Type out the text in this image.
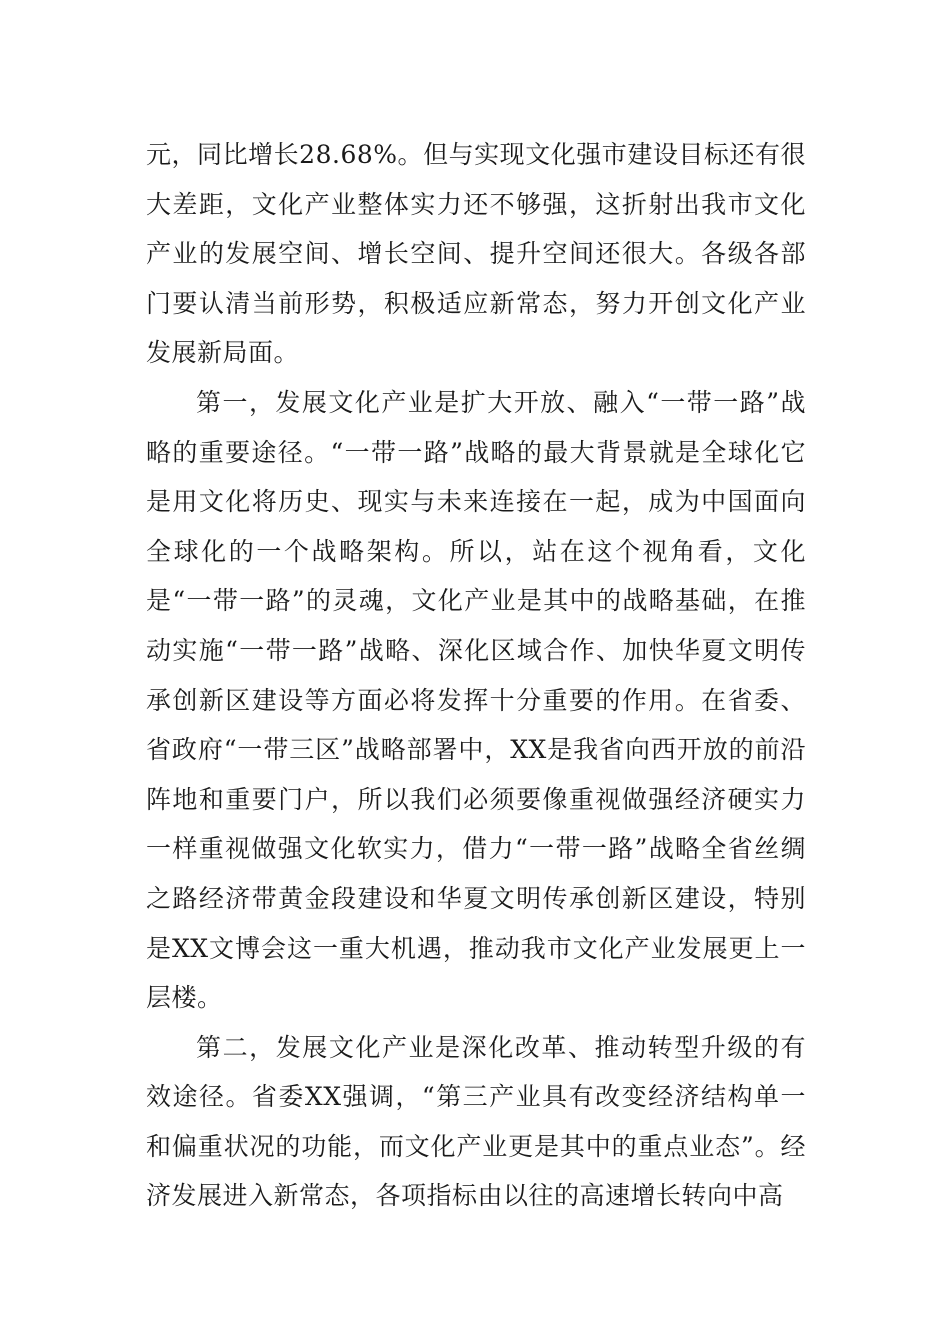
元，同比增长28.68%。但与实现文化强市建设目标还有很大差距，文化产业整体实力还不够强，这折射出我市文化产业的发展空间、增长空间、提升空间还很大。各级各部门要认清当前形势，积极适应新常态，努力开创文化产业发展新局面。

第一，发展文化产业是扩大开放、融入“一带一路”战略的重要途径。“一带一路”战略的最大背景就是全球化它是用文化将历史、现实与未来连接在一起，成为中国面向全球化的一个战略架构。所以，站在这个视角看，文化是“一带一路”的灵魂，文化产业是其中的战略基础，在推动实施“一带一路”战略、深化区域合作、加快华夏文明传承创新区建设等方面必将发挥十分重要的作用。在省委、省政府“一带三区”战略部署中，XX是我省向西开放的前沿阵地和重要门户，所以我们必须要像重视做强经济硬实力一样重视做强文化软实力，借力“一带一路”战略全省丝绸之路经济带黄金段建设和华夏文明传承创新区建设，特别是XX文博会这一重大机遇，推动我市文化产业发展更上一层楼。

第二，发展文化产业是深化改革、推动转型升级的有效途径。省委XX强调，“第三产业具有改变经济结构单一和偏重状况的功能，而文化产业更是其中的重点业态”。经济发展进入新常态，各项指标由以往的高速增长转向中高
